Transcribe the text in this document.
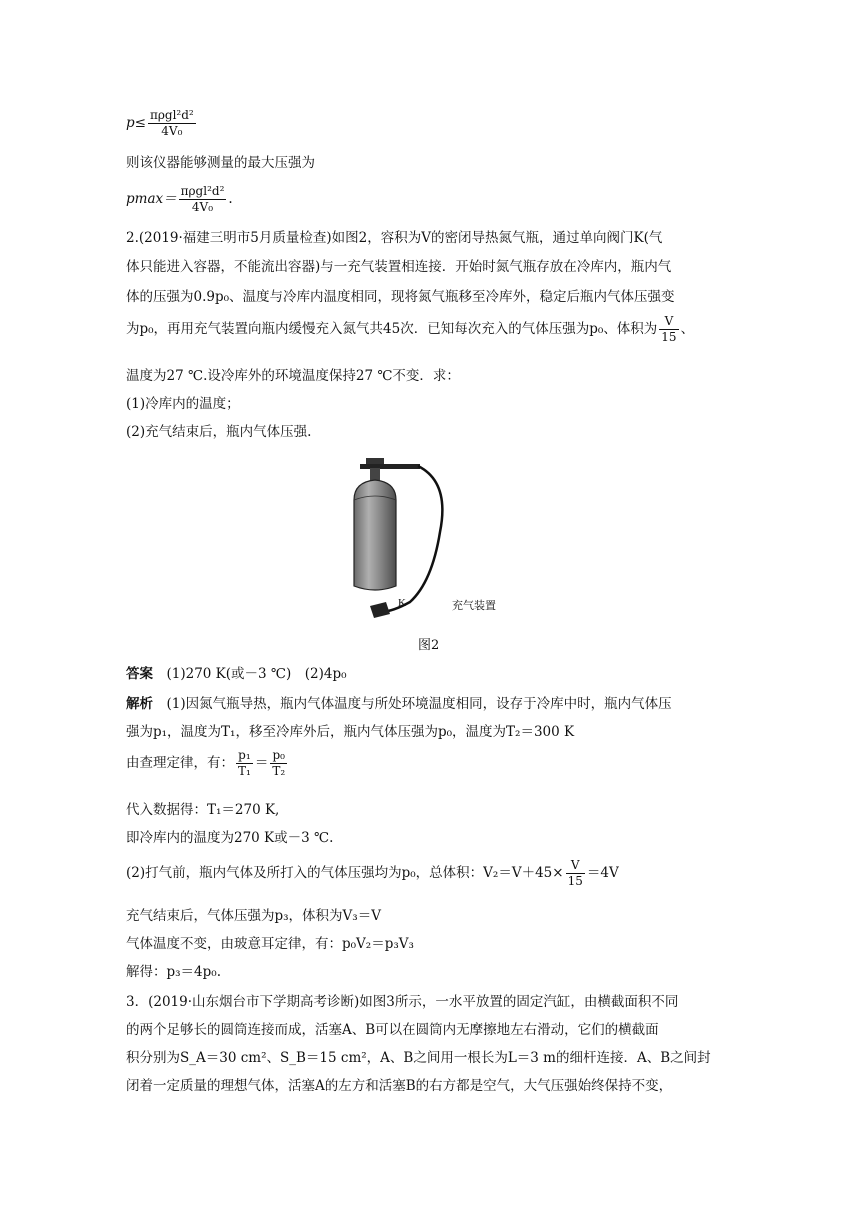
$p\le \frac{\text{πρgl²d²}}{\text{4V₀}}$
则该仪器能够测量的最大压强为
$pmax= \frac{\text{πρgl²d²}}{\text{4V₀}}$ .
2.(2019·福建三明市5月质量检查)如图2，容积为V的密闭导热氮气瓶，通过单向阀门K(气
体只能进入容器，不能流出容器)与一充气装置相连接．开始时氮气瓶存放在冷库内，瓶内气
体的压强为0.9p₀、温度与冷库内温度相同，现将氮气瓶移至冷库外，稳定后瓶内气体压强变
为p₀，再用充气装置向瓶内缓慢充入氮气共45次．已知每次充入的气体压强为p₀、体积为 $\frac{V}{15}$ 、
温度为27 ℃.设冷库外的环境温度保持27 ℃不变．求：
(1)冷库内的温度；
(2)充气结束后，瓶内气体压强.
K	充气装置
图2
答案　 (1)270 K(或－3 ℃)　(2)4p₀
解析　 (1)因氮气瓶导热，瓶内气体温度与所处环境温度相同，设存于冷库中时，瓶内气体压
强为p₁，温度为T₁，移至冷库外后，瓶内气体压强为p₀，温度为T₂＝300 K
由查理定律，有： $\frac{\text{p₁}}{\text{T₁}} = \frac{\text{p₀}}{\text{T₂}}$
代入数据得：T₁＝270 K,
即冷库内的温度为270 K或－3 ℃.
(2)打气前，瓶内气体及所打入的气体压强均为p₀，总体积：$V_2=V+45\times \frac{V}{15} =4V$
充气结束后，气体压强为p₃，体积为V₃＝V
气体温度不变，由玻意耳定律，有：p₀V₂＝p₃V₃
解得：p₃＝4p₀.
3．(2019·山东烟台市下学期高考诊断)如图3所示，一水平放置的固定汽缸，由横截面积不同
的两个足够长的圆筒连接而成，活塞A、B可以在圆筒内无摩擦地左右滑动，它们的横截面
积分别为S_A＝30 cm²、S_B＝15 cm²，A、B之间用一根长为L＝3 m的细杆连接．A、B之间封
闭着一定质量的理想气体，活塞A的左方和活塞B的右方都是空气，大气压强始终保持不变，
